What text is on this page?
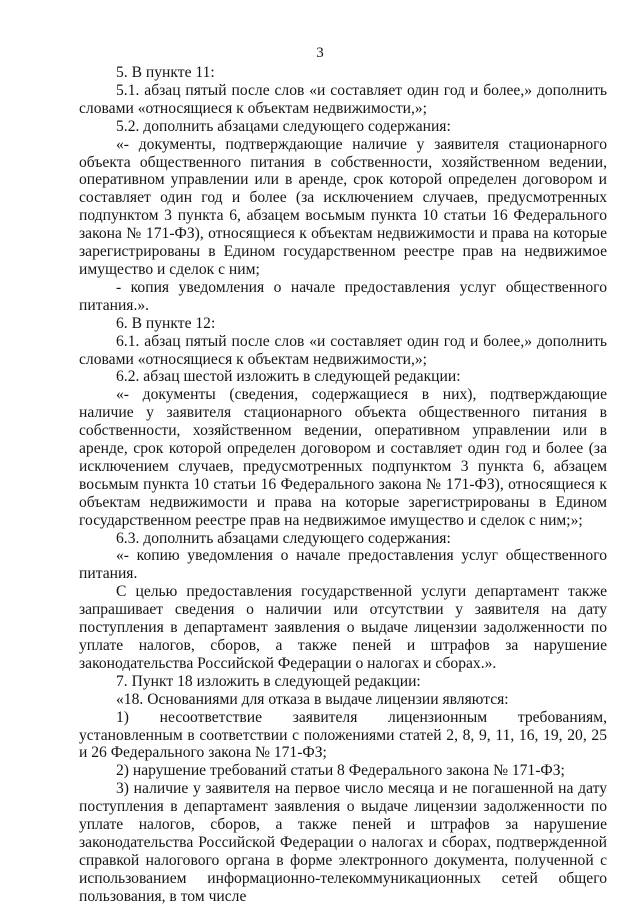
3

5. В пункте 11:

5.1. абзац пятый после слов «и составляет один год и более,» дополнить словами «относящиеся к объектам недвижимости,»;

5.2. дополнить абзацами следующего содержания:

«- документы, подтверждающие наличие у заявителя стационарного объекта общественного питания в собственности, хозяйственном ведении, оперативном управлении или в аренде, срок которой определен договором и составляет один год и более (за исключением случаев, предусмотренных подпунктом 3 пункта 6, абзацем восьмым пункта 10 статьи 16 Федерального закона № 171-ФЗ), относящиеся к объектам недвижимости и права на которые зарегистрированы в Едином государственном реестре прав на недвижимое имущество и сделок с ним;

- копия уведомления о начале предоставления услуг общественного питания.».

6. В пункте 12:

6.1. абзац пятый после слов «и составляет один год и более,» дополнить словами «относящиеся к объектам недвижимости,»;

6.2. абзац шестой изложить в следующей редакции:

«- документы (сведения, содержащиеся в них), подтверждающие наличие у заявителя стационарного объекта общественного питания в собственности, хозяйственном ведении, оперативном управлении или в аренде, срок которой определен договором и составляет один год и более (за исключением случаев, предусмотренных подпунктом 3 пункта 6, абзацем восьмым пункта 10 статьи 16 Федерального закона № 171-ФЗ), относящиеся к объектам недвижимости и права на которые зарегистрированы в Едином государственном реестре прав на недвижимое имущество и сделок с ним;»;

6.3. дополнить абзацами следующего содержания:

«- копию уведомления о начале предоставления услуг общественного питания.

С целью предоставления государственной услуги департамент также запрашивает сведения о наличии или отсутствии у заявителя на дату поступления в департамент заявления о выдаче лицензии задолженности по уплате налогов, сборов, а также пеней и штрафов за нарушение законодательства Российской Федерации о налогах и сборах.».

7. Пункт 18 изложить в следующей редакции:

«18. Основаниями для отказа в выдаче лицензии являются:

1) несоответствие заявителя лицензионным требованиям, установленным в соответствии с положениями статей 2, 8, 9, 11, 16, 19, 20, 25 и 26 Федерального закона № 171-ФЗ;

2) нарушение требований статьи 8 Федерального закона № 171-ФЗ;

3) наличие у заявителя на первое число месяца и не погашенной на дату поступления в департамент заявления о выдаче лицензии задолженности по уплате налогов, сборов, а также пеней и штрафов за нарушение законодательства Российской Федерации о налогах и сборах, подтвержденной справкой налогового органа в форме электронного документа, полученной с использованием информационно-телекоммуникационных сетей общего пользования, в том числе
